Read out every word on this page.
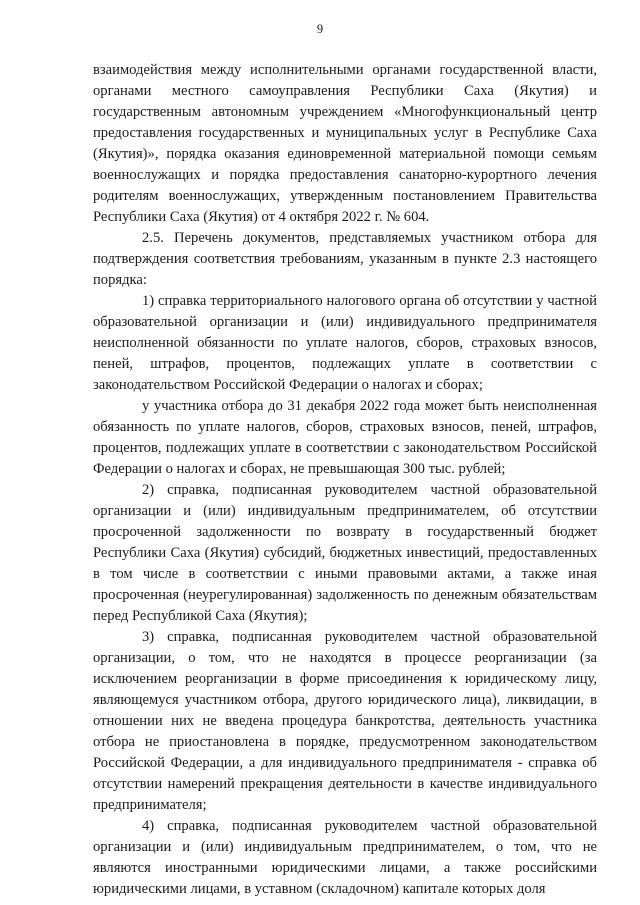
9

взаимодействия между исполнительными органами государственной власти, органами местного самоуправления Республики Саха (Якутия) и государственным автономным учреждением «Многофункциональный центр предоставления государственных и муниципальных услуг в Республике Саха (Якутия)», порядка оказания единовременной материальной помощи семьям военнослужащих и порядка предоставления санаторно-курортного лечения родителям военнослужащих, утвержденным постановлением Правительства Республики Саха (Якутия) от 4 октября 2022 г. № 604.

2.5. Перечень документов, представляемых участником отбора для подтверждения соответствия требованиям, указанным в пункте 2.3 настоящего порядка:

1) справка территориального налогового органа об отсутствии у частной образовательной организации и (или) индивидуального предпринимателя неисполненной обязанности по уплате налогов, сборов, страховых взносов, пеней, штрафов, процентов, подлежащих уплате в соответствии с законодательством Российской Федерации о налогах и сборах;

у участника отбора до 31 декабря 2022 года может быть неисполненная обязанность по уплате налогов, сборов, страховых взносов, пеней, штрафов, процентов, подлежащих уплате в соответствии с законодательством Российской Федерации о налогах и сборах, не превышающая 300 тыс. рублей;

2) справка, подписанная руководителем частной образовательной организации и (или) индивидуальным предпринимателем, об отсутствии просроченной задолженности по возврату в государственный бюджет Республики Саха (Якутия) субсидий, бюджетных инвестиций, предоставленных в том числе в соответствии с иными правовыми актами, а также иная просроченная (неурегулированная) задолженность по денежным обязательствам перед Республикой Саха (Якутия);

3) справка, подписанная руководителем частной образовательной организации, о том, что не находятся в процессе реорганизации (за исключением реорганизации в форме присоединения к юридическому лицу, являющемуся участником отбора, другого юридического лица), ликвидации, в отношении них не введена процедура банкротства, деятельность участника отбора не приостановлена в порядке, предусмотренном законодательством Российской Федерации, а для индивидуального предпринимателя - справка об отсутствии намерений прекращения деятельности в качестве индивидуального предпринимателя;

4) справка, подписанная руководителем частной образовательной организации и (или) индивидуальным предпринимателем, о том, что не являются иностранными юридическими лицами, а также российскими юридическими лицами, в уставном (складочном) капитале которых доля
